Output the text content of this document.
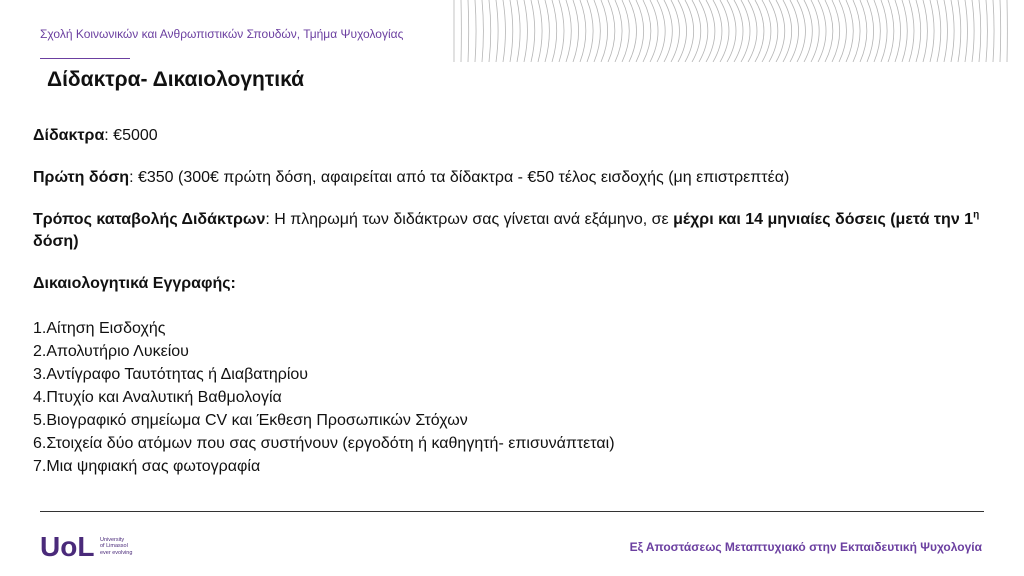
Σχολή Κοινωνικών και Ανθρωπιστικών Σπουδών, Τμήμα Ψυχολογίας
Δίδακτρα- Δικαιολογητικά

Δίδακτρα: €5000

Πρώτη δόση: €350 (300€ πρώτη δόση, αφαιρείται από τα δίδακτρα - €50 τέλος εισδοχής (μη επιστρεπτέα)

Τρόπος καταβολής Διδάκτρων: Η πληρωμή των διδάκτρων σας γίνεται ανά εξάμηνο, σε μέχρι και 14 μηνιαίες δόσεις (μετά την $1^\eta$ δόση)

Δικαιολογητικά Εγγραφής:

1.Αίτηση Εισδοχής
2.Απολυτήριο Λυκείου
3.Αντίγραφο Ταυτότητας ή Διαβατηρίου
4.Πτυχίο και Αναλυτική Βαθμολογία
5.Βιογραφικό σημείωμα CV και Έκθεση Προσωπικών Στόχων
6.Στοιχεία δύο ατόμων που σας συστήνουν (εργοδότη ή καθηγητή- επισυνάπτεται)
7.Μια ψηφιακή σας φωτογραφία
UoL University
of Limassol
ever evolving	Εξ Αποστάσεως Μεταπτυχιακό στην Εκπαιδευτική Ψυχολογία
